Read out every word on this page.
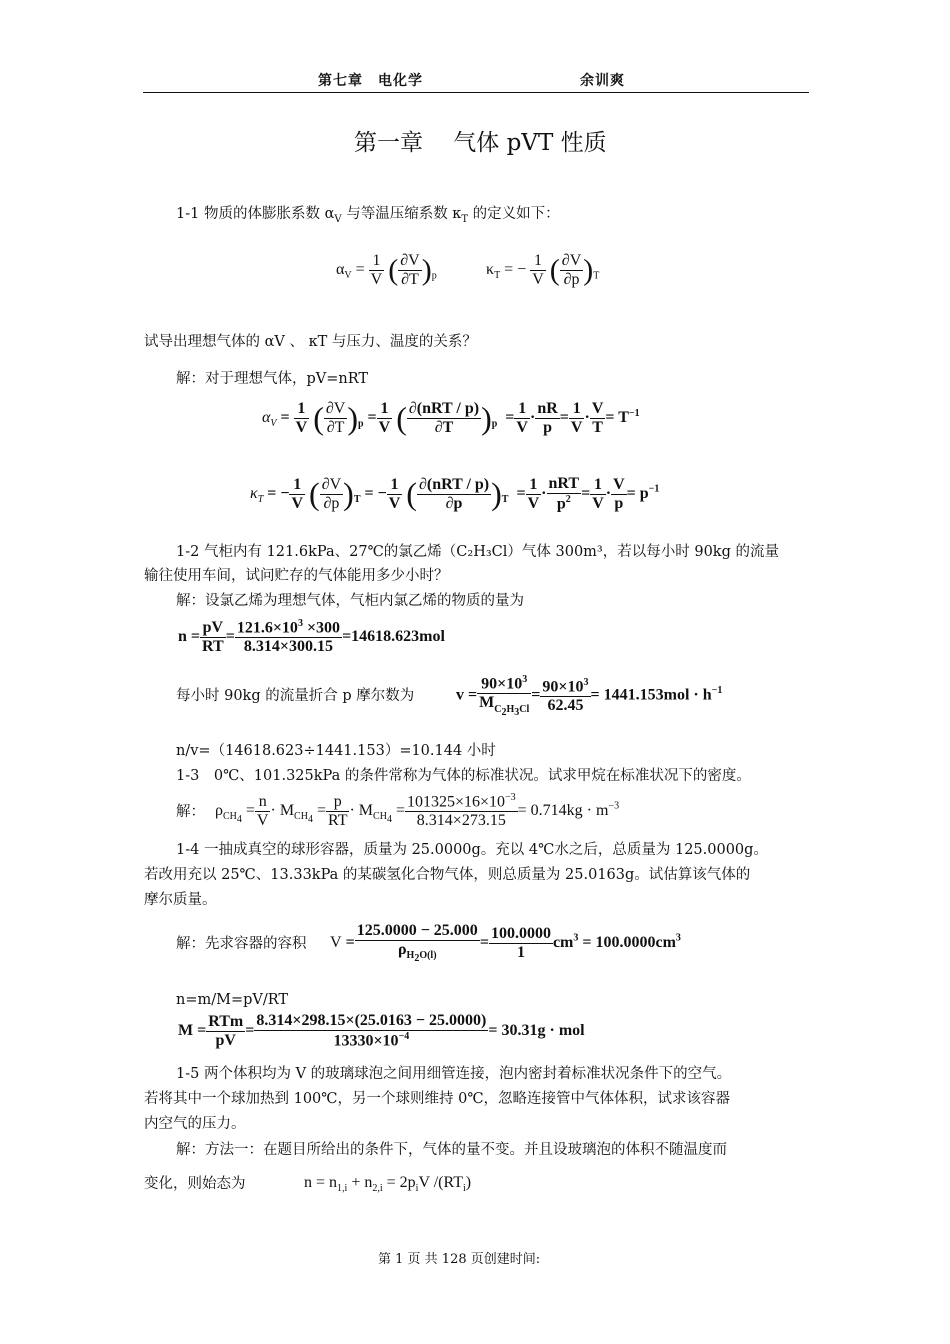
第七章　电化学	余训爽
第一章　 气体 pVT 性质
1-1 物质的体膨胀系数 $\alpha_V$ 与等温压缩系数 $\kappa_T$ 的定义如下：
$\alpha_V = \frac{1}{V}$ ( $\frac{\partial V}{\partial T} )_p$	$\kappa_T$ = − $\frac{1}{V}$ ( $\frac{\partial V}{\partial p} )_T$
试导出理想气体的 αV 、 κT 与压力、温度的关系？
解：对于理想气体，pV=nRT
$\alpha_V = \frac{1}{V}$ ( $\frac{\partial V}{\partial T} )_p = \frac{1}{V}$ ( $\frac{\text{∂(nRT / p)}}{\partial T} )_p = \frac{1}{V} \cdot \frac{nR}{p} = \frac{1}{V} \cdot \frac{V}{T} = T^{-1}$
$\kappa_T$ = − $\frac{1}{V}$ ( $\frac{\partial V}{\partial p} )_T$ = − $\frac{1}{V}$ ( $\frac{\text{∂(nRT / p)}}{\partial p} )_T = \frac{1}{V} \cdot \frac{\text{nRT}}{p^2} = \frac{1}{V} \cdot \frac{V}{p} = p^{-1}$
1-2 气柜内有 121.6kPa、27℃的氯乙烯（C₂H₃Cl）气体 300m³，若以每小时 90kg 的流量
输往使用车间，试问贮存的气体能用多少小时？
解：设氯乙烯为理想气体，气柜内氯乙烯的物质的量为
$n = \frac{pV}{RT} = \frac{121.6\times 10^3 \times 300}{8.314\times 300.15} =14618.623mol$
每小时 90kg 的流量折合 p 摩尔数为	$v = \frac{90\times 10^3}{M_{C_2H_3Cl}} = \frac{90\times 10^3}{62.45} = 1441.153mol \cdot h^{-1}$
n/v=（14618.623÷1441.153）=10.144 小时
1-3　0℃、101.325kPa 的条件常称为气体的标准状况。试求甲烷在标准状况下的密度。
解： $\rho_{CH_4} = \frac{n}{V} \cdot M_{CH_4} = \frac{p}{RT} \cdot M_{CH_4} = \frac{101325\times 16\times 10^{-3}}{8.314\times 273.15} = 0.714kg \cdot m^{-3}$
1-4 一抽成真空的球形容器，质量为 25.0000g。充以 4℃水之后，总质量为 125.0000g。
若改用充以 25℃、13.33kPa 的某碳氢化合物气体，则总质量为 25.0163g。试估算该气体的
摩尔质量。
解：先求容器的容积 $V = \frac{125.0000 - 25.000}{\rho_{H_2O(l)}} = \frac{100.0000}{1} cm^3 = 100.0000cm^3$
n=m/M=pV/RT
$M = \frac{\text{RTm}}{pV} = \frac{8.314\times 298.15\times(25.0163 - 25.0000)}{13330\times 10^{-4}} = 30.31g$ · mol
1-5 两个体积均为 V 的玻璃球泡之间用细管连接，泡内密封着标准状况条件下的空气。
若将其中一个球加热到 100℃，另一个球则维持 0℃，忽略连接管中气体体积，试求该容器
内空气的压力。
解：方法一：在题目所给出的条件下，气体的量不变。并且设玻璃泡的体积不随温度而
变化，则始态为	$n = n_{1,i} + n_{2,i} = 2p_iV$ $/(RT_i)$
第 1 页 共 128 页创建时间:
